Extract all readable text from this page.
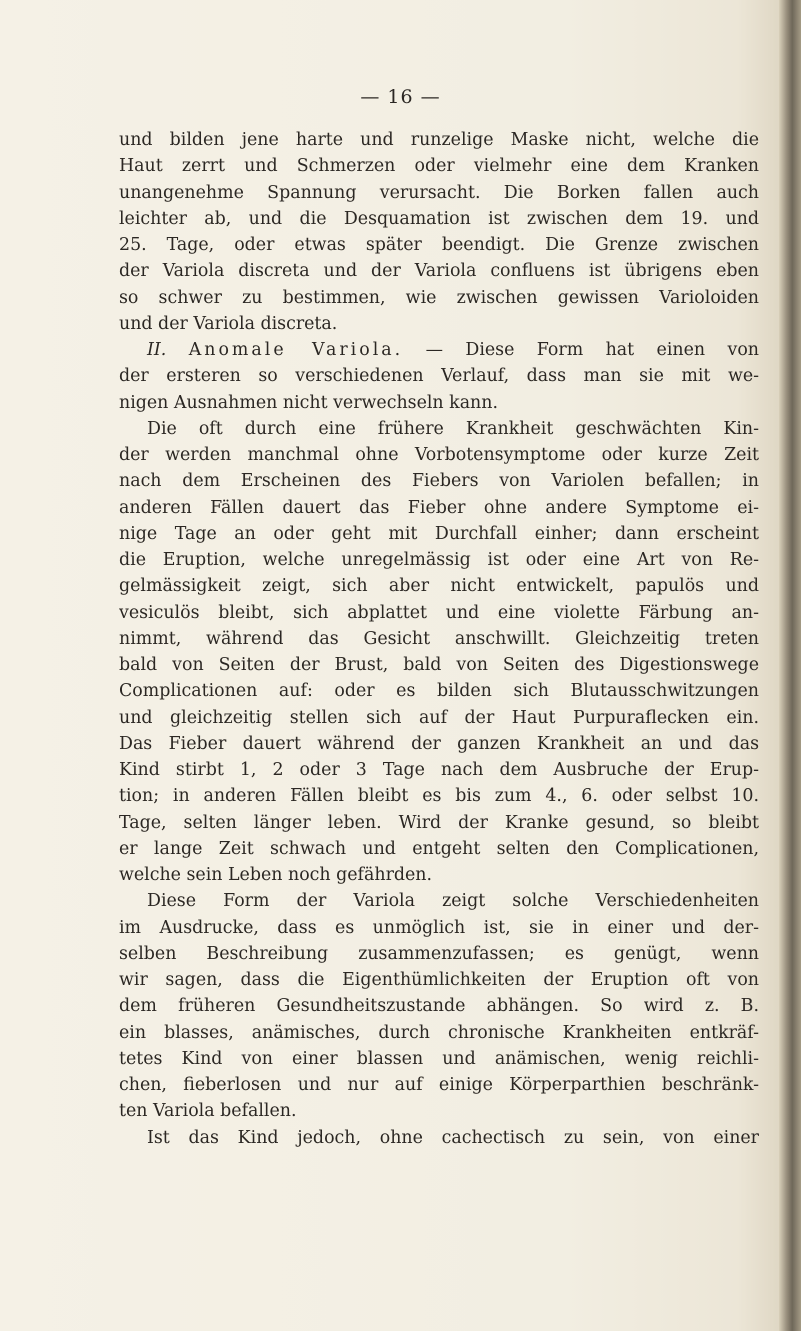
— 16 —
und bilden jene harte und runzelige Maske nicht, welche die
Haut zerrt und Schmerzen oder vielmehr eine dem Kranken
unangenehme Spannung verursacht. Die Borken fallen auch
leichter ab, und die Desquamation ist zwischen dem 19. und
25. Tage, oder etwas später beendigt. Die Grenze zwischen
der Variola discreta und der Variola confluens ist übrigens eben
so schwer zu bestimmen, wie zwischen gewissen Varioloiden
und der Variola discreta.
II. Anomale Variola. — Diese Form hat einen von
der ersteren so verschiedenen Verlauf, dass man sie mit we-
nigen Ausnahmen nicht verwechseln kann.
Die oft durch eine frühere Krankheit geschwächten Kin-
der werden manchmal ohne Vorbotensymptome oder kurze Zeit
nach dem Erscheinen des Fiebers von Variolen befallen; in
anderen Fällen dauert das Fieber ohne andere Symptome ei-
nige Tage an oder geht mit Durchfall einher; dann erscheint
die Eruption, welche unregelmässig ist oder eine Art von Re-
gelmässigkeit zeigt, sich aber nicht entwickelt, papulös und
vesiculös bleibt, sich abplattet und eine violette Färbung an-
nimmt, während das Gesicht anschwillt. Gleichzeitig treten
bald von Seiten der Brust, bald von Seiten des Digestionswege
Complicationen auf: oder es bilden sich Blutausschwitzungen
und gleichzeitig stellen sich auf der Haut Purpuraflecken ein.
Das Fieber dauert während der ganzen Krankheit an und das
Kind stirbt 1, 2 oder 3 Tage nach dem Ausbruche der Erup-
tion; in anderen Fällen bleibt es bis zum 4., 6. oder selbst 10.
Tage, selten länger leben. Wird der Kranke gesund, so bleibt
er lange Zeit schwach und entgeht selten den Complicationen,
welche sein Leben noch gefährden.
Diese Form der Variola zeigt solche Verschiedenheiten
im Ausdrucke, dass es unmöglich ist, sie in einer und der-
selben Beschreibung zusammenzufassen; es genügt, wenn
wir sagen, dass die Eigenthümlichkeiten der Eruption oft von
dem früheren Gesundheitszustande abhängen. So wird z. B.
ein blasses, anämisches, durch chronische Krankheiten entkräf-
tetes Kind von einer blassen und anämischen, wenig reichli-
chen, fieberlosen und nur auf einige Körperparthien beschränk-
ten Variola befallen.
Ist das Kind jedoch, ohne cachectisch zu sein, von einer
